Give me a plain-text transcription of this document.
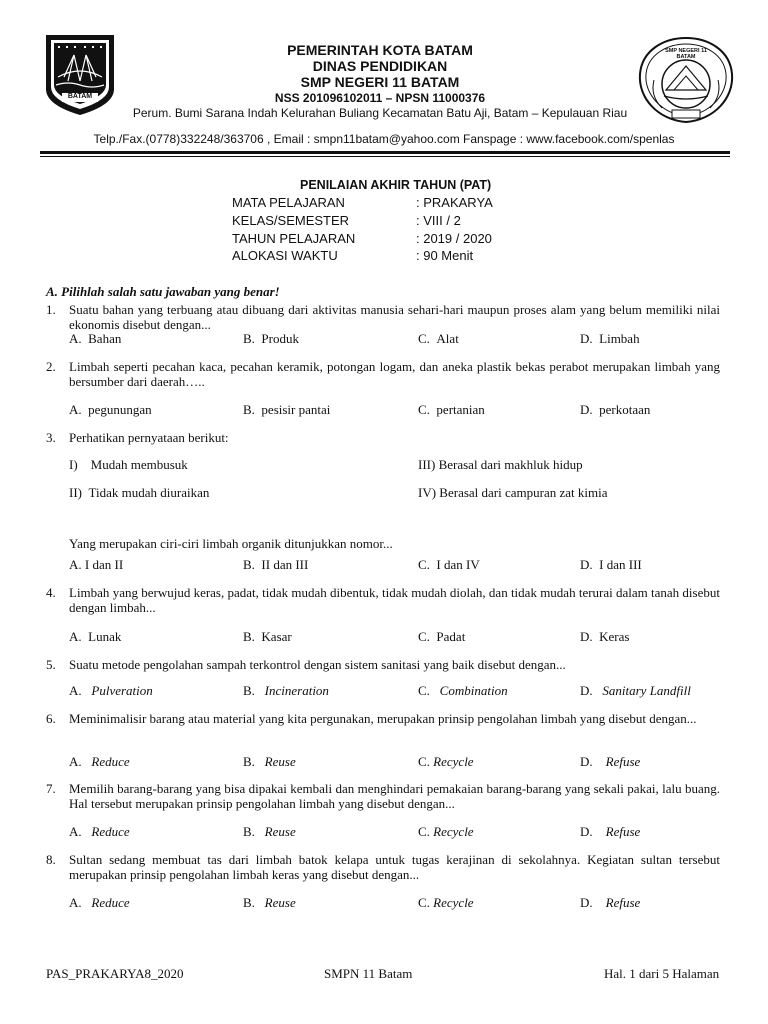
BATAM
SMP NEGERI 11 BATAM
PEMERINTAH KOTA BATAM
DINAS PENDIDIKAN
SMP NEGERI 11 BATAM
NSS 201096102011 – NPSN 11000376
Perum. Bumi Sarana Indah Kelurahan Buliang Kecamatan Batu Aji, Batam – Kepulauan Riau
Telp./Fax.(0778)332248/363706 , Email : smpn11batam@yahoo.com Fanspage : www.facebook.com/spenlas
PENILAIAN AKHIR TAHUN (PAT)
MATA PELAJARAN	: PRAKARYA
KELAS/SEMESTER	: VIII / 2
TAHUN PELAJARAN	: 2019 / 2020
ALOKASI WAKTU	: 90 Menit
A. Pilihlah salah satu jawaban yang benar!
1. Suatu bahan yang terbuang atau dibuang dari aktivitas manusia sehari-hari maupun proses alam yang belum memiliki nilai ekonomis disebut dengan...
A. Bahan	B. Produk	C. Alat	D. Limbah
2. Limbah seperti pecahan kaca, pecahan keramik, potongan logam, dan aneka plastik bekas perabot merupakan limbah yang bersumber dari daerah…..
A. pegunungan	B. pesisir pantai	C. pertanian	D. perkotaan
3. Perhatikan pernyataan berikut:
I) Mudah membusuk	III) Berasal dari makhluk hidup
II) Tidak mudah diuraikan	IV) Berasal dari campuran zat kimia
Yang merupakan ciri-ciri limbah organik ditunjukkan nomor...
A. I dan II	B. II dan III	C. I dan IV	D. I dan III
4. Limbah yang berwujud keras, padat, tidak mudah dibentuk, tidak mudah diolah, dan tidak mudah terurai dalam tanah disebut dengan limbah...
A. Lunak	B. Kasar	C. Padat	D. Keras
5. Suatu metode pengolahan sampah terkontrol dengan sistem sanitasi yang baik disebut dengan...
A. Pulveration	B. Incineration	C. Combination	D. Sanitary Landfill
6. Meminimalisir barang atau material yang kita pergunakan, merupakan prinsip pengolahan limbah yang disebut dengan...
A. Reduce	B. Reuse	C. Recycle	D. Refuse
7. Memilih barang-barang yang bisa dipakai kembali dan menghindari pemakaian barang-barang yang sekali pakai, lalu buang. Hal tersebut merupakan prinsip pengolahan limbah yang disebut dengan...
A. Reduce	B. Reuse	C. Recycle	D. Refuse
8. Sultan sedang membuat tas dari limbah batok kelapa untuk tugas kerajinan di sekolahnya. Kegiatan sultan tersebut merupakan prinsip pengolahan limbah keras yang disebut dengan...
A. Reduce	B. Reuse	C. Recycle	D. Refuse
PAS_PRAKARYA8_2020	SMPN 11 Batam	Hal. 1 dari 5 Halaman
